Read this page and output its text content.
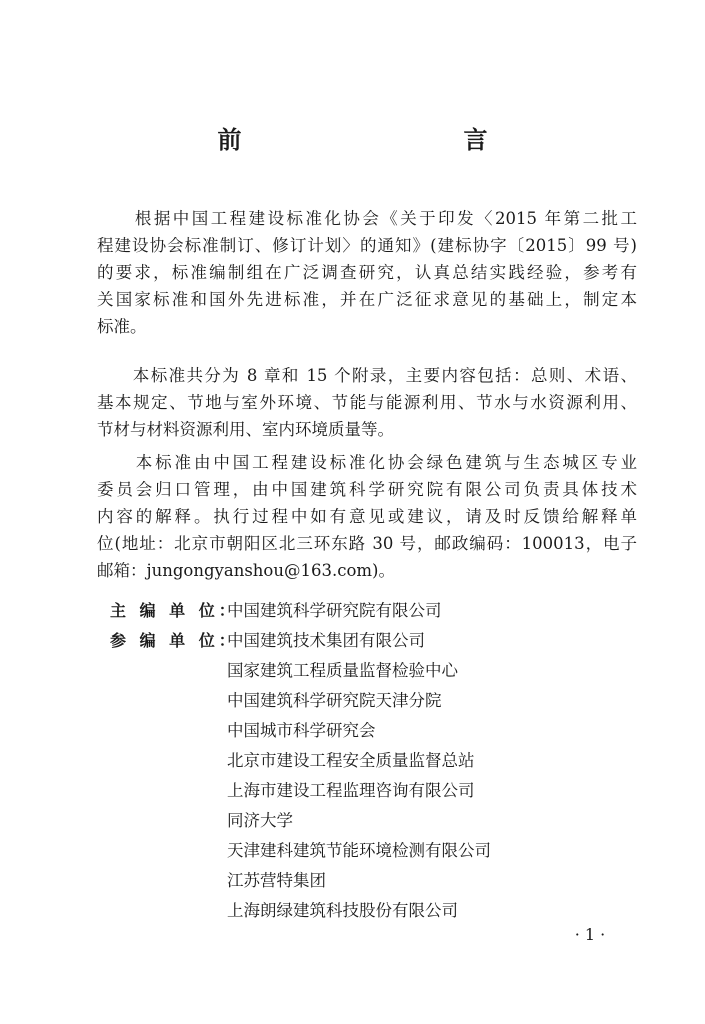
前　　言
　　根据中国工程建设标准化协会《关于印发〈2015 年第二批工
程建设协会标准制订、修订计划〉的通知》(建标协字〔2015〕99 号)
的要求，标准编制组在广泛调查研究，认真总结实践经验，参考有
关国家标准和国外先进标准，并在广泛征求意见的基础上，制定本
标准。
　　本标准共分为 8 章和 15 个附录，主要内容包括：总则、术语、
基本规定、节地与室外环境、节能与能源利用、节水与水资源利用、
节材与材料资源利用、室内环境质量等。
　　本标准由中国工程建设标准化协会绿色建筑与生态城区专业
委员会归口管理，由中国建筑科学研究院有限公司负责具体技术
内容的解释。执行过程中如有意见或建议，请及时反馈给解释单
位(地址：北京市朝阳区北三环东路 30 号，邮政编码：100013，电子
邮箱：jungongyanshou@163.com)。
主 编 单 位：中国建筑科学研究院有限公司
参 编 单 位：中国建筑技术集团有限公司
国家建筑工程质量监督检验中心
中国建筑科学研究院天津分院
中国城市科学研究会
北京市建设工程安全质量监督总站
上海市建设工程监理咨询有限公司
同济大学
天津建科建筑节能环境检测有限公司
江苏营特集团
上海朗绿建筑科技股份有限公司
· 1 ·
